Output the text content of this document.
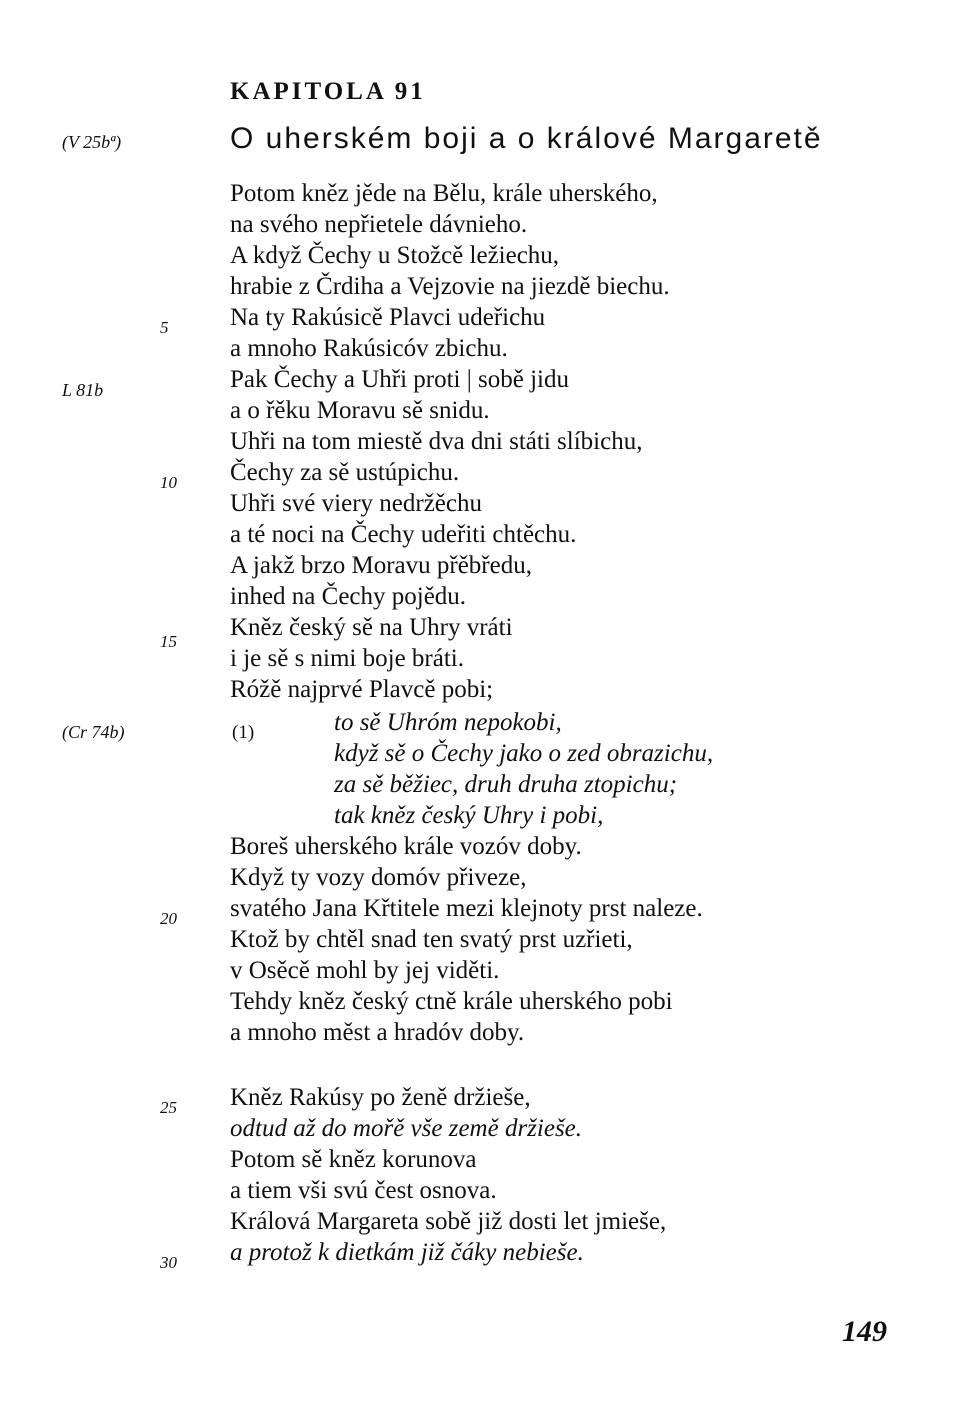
KAPITOLA 91
O uherském boji a o králové Margaretě
(V 25bª)
L 81b
(Cr 74b)
5
10
15
20
25
30
(1)
Potom kněz jěde na Bělu, krále uherského,
na svého nepřietele dávnieho.
A když Čechy u Stožcě ležiechu,
hrabie z Črdiha a Vejzovie na jiezdě biechu.
Na ty Rakúsicě Plavci udeřichu
a mnoho Rakúsicóv zbichu.
Pak Čechy a Uhři proti | sobě jidu
a o řěku Moravu sě snidu.
Uhři na tom miestě dva dni státi slíbichu,
Čechy za sě ustúpichu.
Uhři své viery nedržěchu
a té noci na Čechy udeřiti chtěchu.
A jakž brzo Moravu přěbředu,
inhed na Čechy pojědu.
Kněz český sě na Uhry vráti
i je sě s nimi boje bráti.
Róžě najprvé Plavcě pobi;
to sě Uhróm nepokobi,
když sě o Čechy jako o zed obrazichu,
za sě běžiec, druh druha ztopichu;
tak kněz český Uhry i pobi,
Boreš uherského krále vozóv doby.
Když ty vozy domóv přiveze,
svatého Jana Křtitele mezi klejnoty prst naleze.
Ktož by chtěl snad ten svatý prst uzřieti,
v Osěcě mohl by jej viděti.
Tehdy kněz český ctně krále uherského pobi
a mnoho měst a hradóv doby.
Kněz Rakúsy po ženě držieše,
odtud až do mořě vše země držieše.
Potom sě kněz korunova
a tiem vši svú čest osnova.
Králová Margareta sobě již dosti let jmieše,
a protož k dietkám již čáky nebieše.
149
